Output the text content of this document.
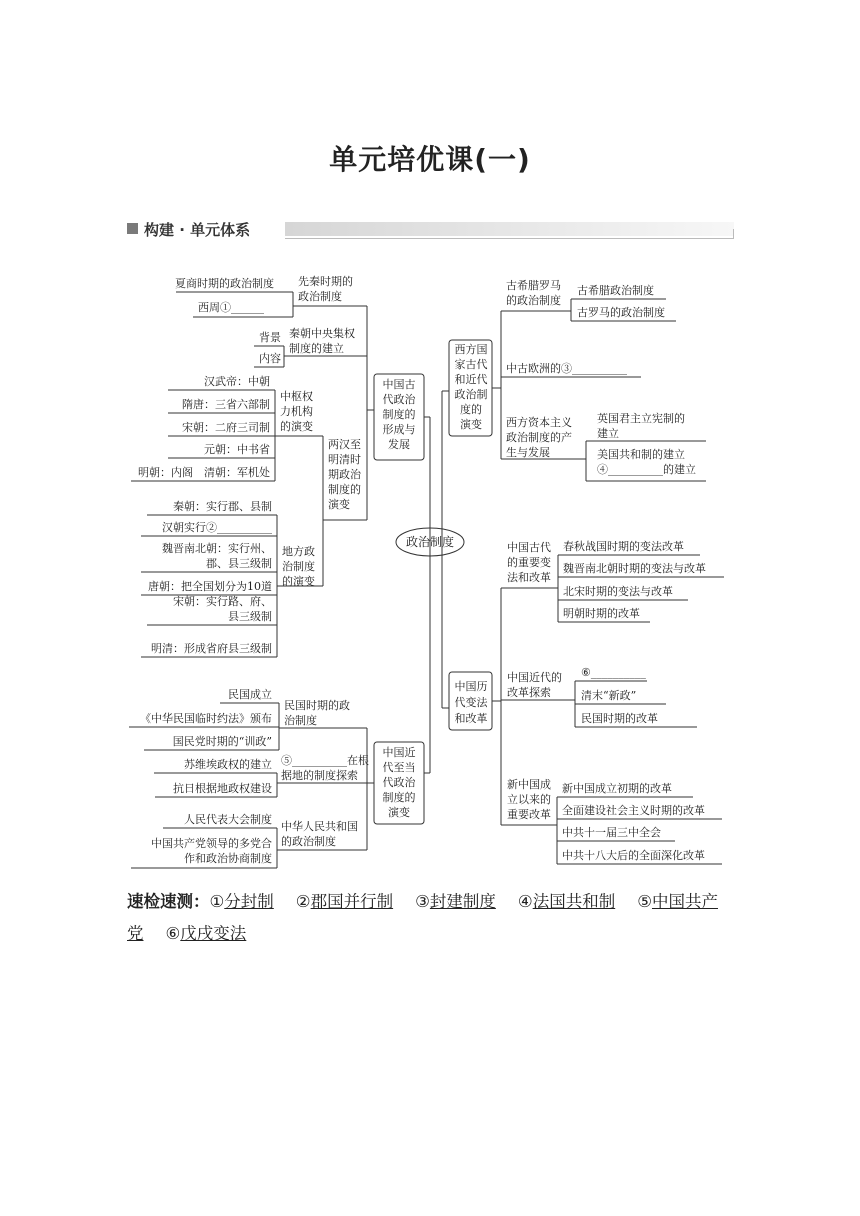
单元培优课(一)
构建 · 单元体系
夏商时期的政治制度
西周①______
先秦时期的政治制度
背景
内容
秦朝中央集权制度的建立
汉武帝：中朝
隋唐：三省六部制
宋朝：二府三司制
元朝：中书省
明朝：内阁　清朝：军机处
中枢权力机构的演变
秦朝：实行郡、县制
汉朝实行②__________
魏晋南北朝：实行州、郡、县三级制
唐朝：把全国划分为10道
宋朝：实行路、府、县三级制
明清：形成省府县三级制
地方政治制度的演变
两汉至明清时期政治制度的演变
中国古代政治制度的形成与发展
民国成立
《中华民国临时约法》颁布
国民党时期的“训政”
民国时期的政治制度
苏维埃政权的建立
抗日根据地政权建设
⑤__________在根据地的制度探索
人民代表大会制度
中国共产党领导的多党合作和政治协商制度
中华人民共和国的政治制度
中国近代至当代政治制度的演变
政治制度
西方国家古代和近代政治制度的演变
古希腊罗马的政治制度
古希腊政治制度
古罗马的政治制度
中古欧洲的③__________
西方资本主义政治制度的产生与发展
英国君主立宪制的建立
美国共和制的建立 ④__________的建立
中国历代变法和改革
中国古代的重要变法和改革
春秋战国时期的变法改革
魏晋南北朝时期的变法与改革
北宋时期的变法与改革
明朝时期的改革
中国近代的改革探索
⑥__________
清末“新政”
民国时期的改革
新中国成立以来的重要改革
新中国成立初期的改革
全面建设社会主义时期的改革
中共十一届三中全会
中共十八大后的全面深化改革
速检速测：①分封制 ②郡国并行制 ③封建制度 ④法国共和制 ⑤中国共产党 ⑥戊戌变法
